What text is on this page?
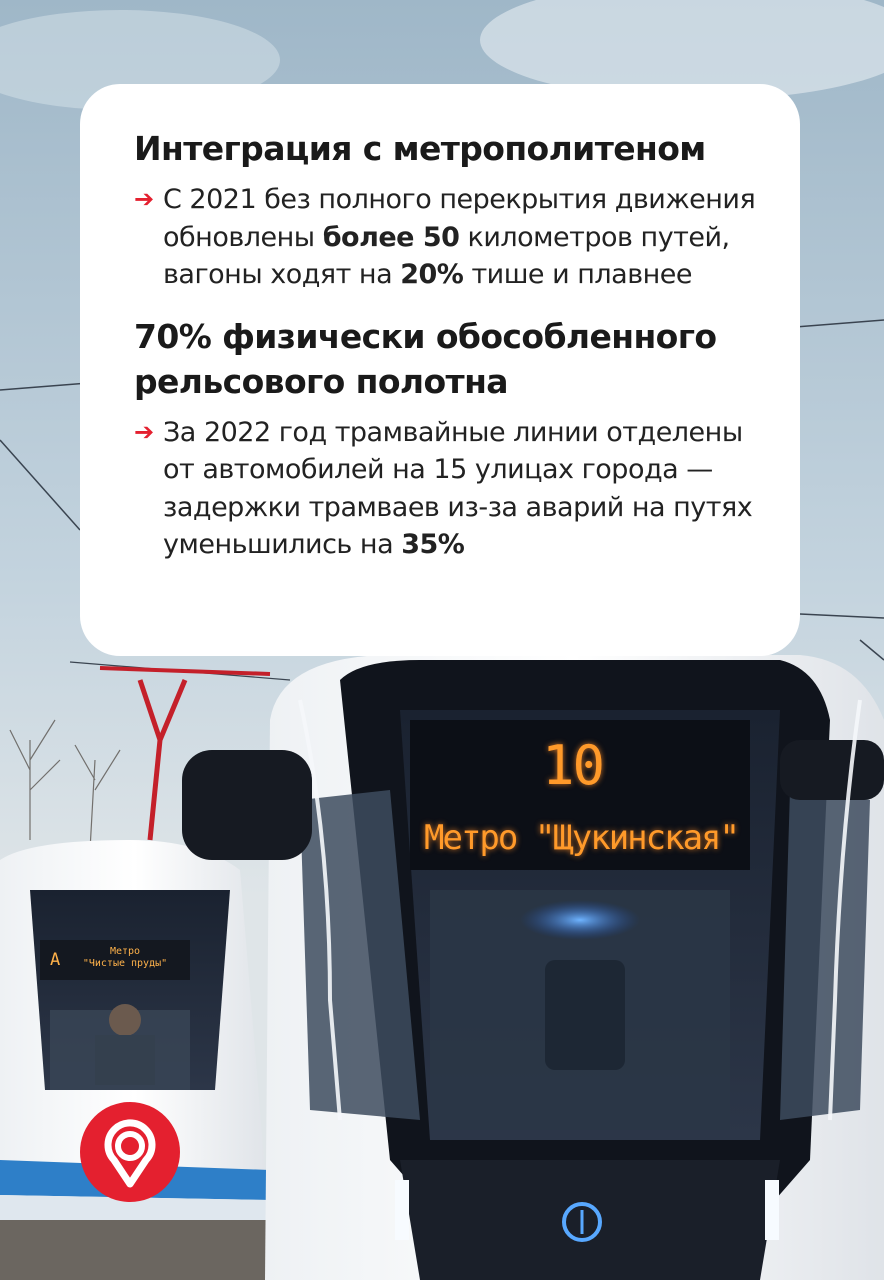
10
Метро "Щукинская"
А	Метро
"Чистые пруды"
Интеграция с метрополитеном

➔ С 2021 без полного перекрытия движения обновлены более 50 километров путей, вагоны ходят на 20% тише и плавнее

70% физически обособленного рельсового полотна

➔ За 2022 год трамвайные линии отделены от автомобилей на 15 улицах города — задержки трамваев из-за аварий на путях уменьшились на 35%
